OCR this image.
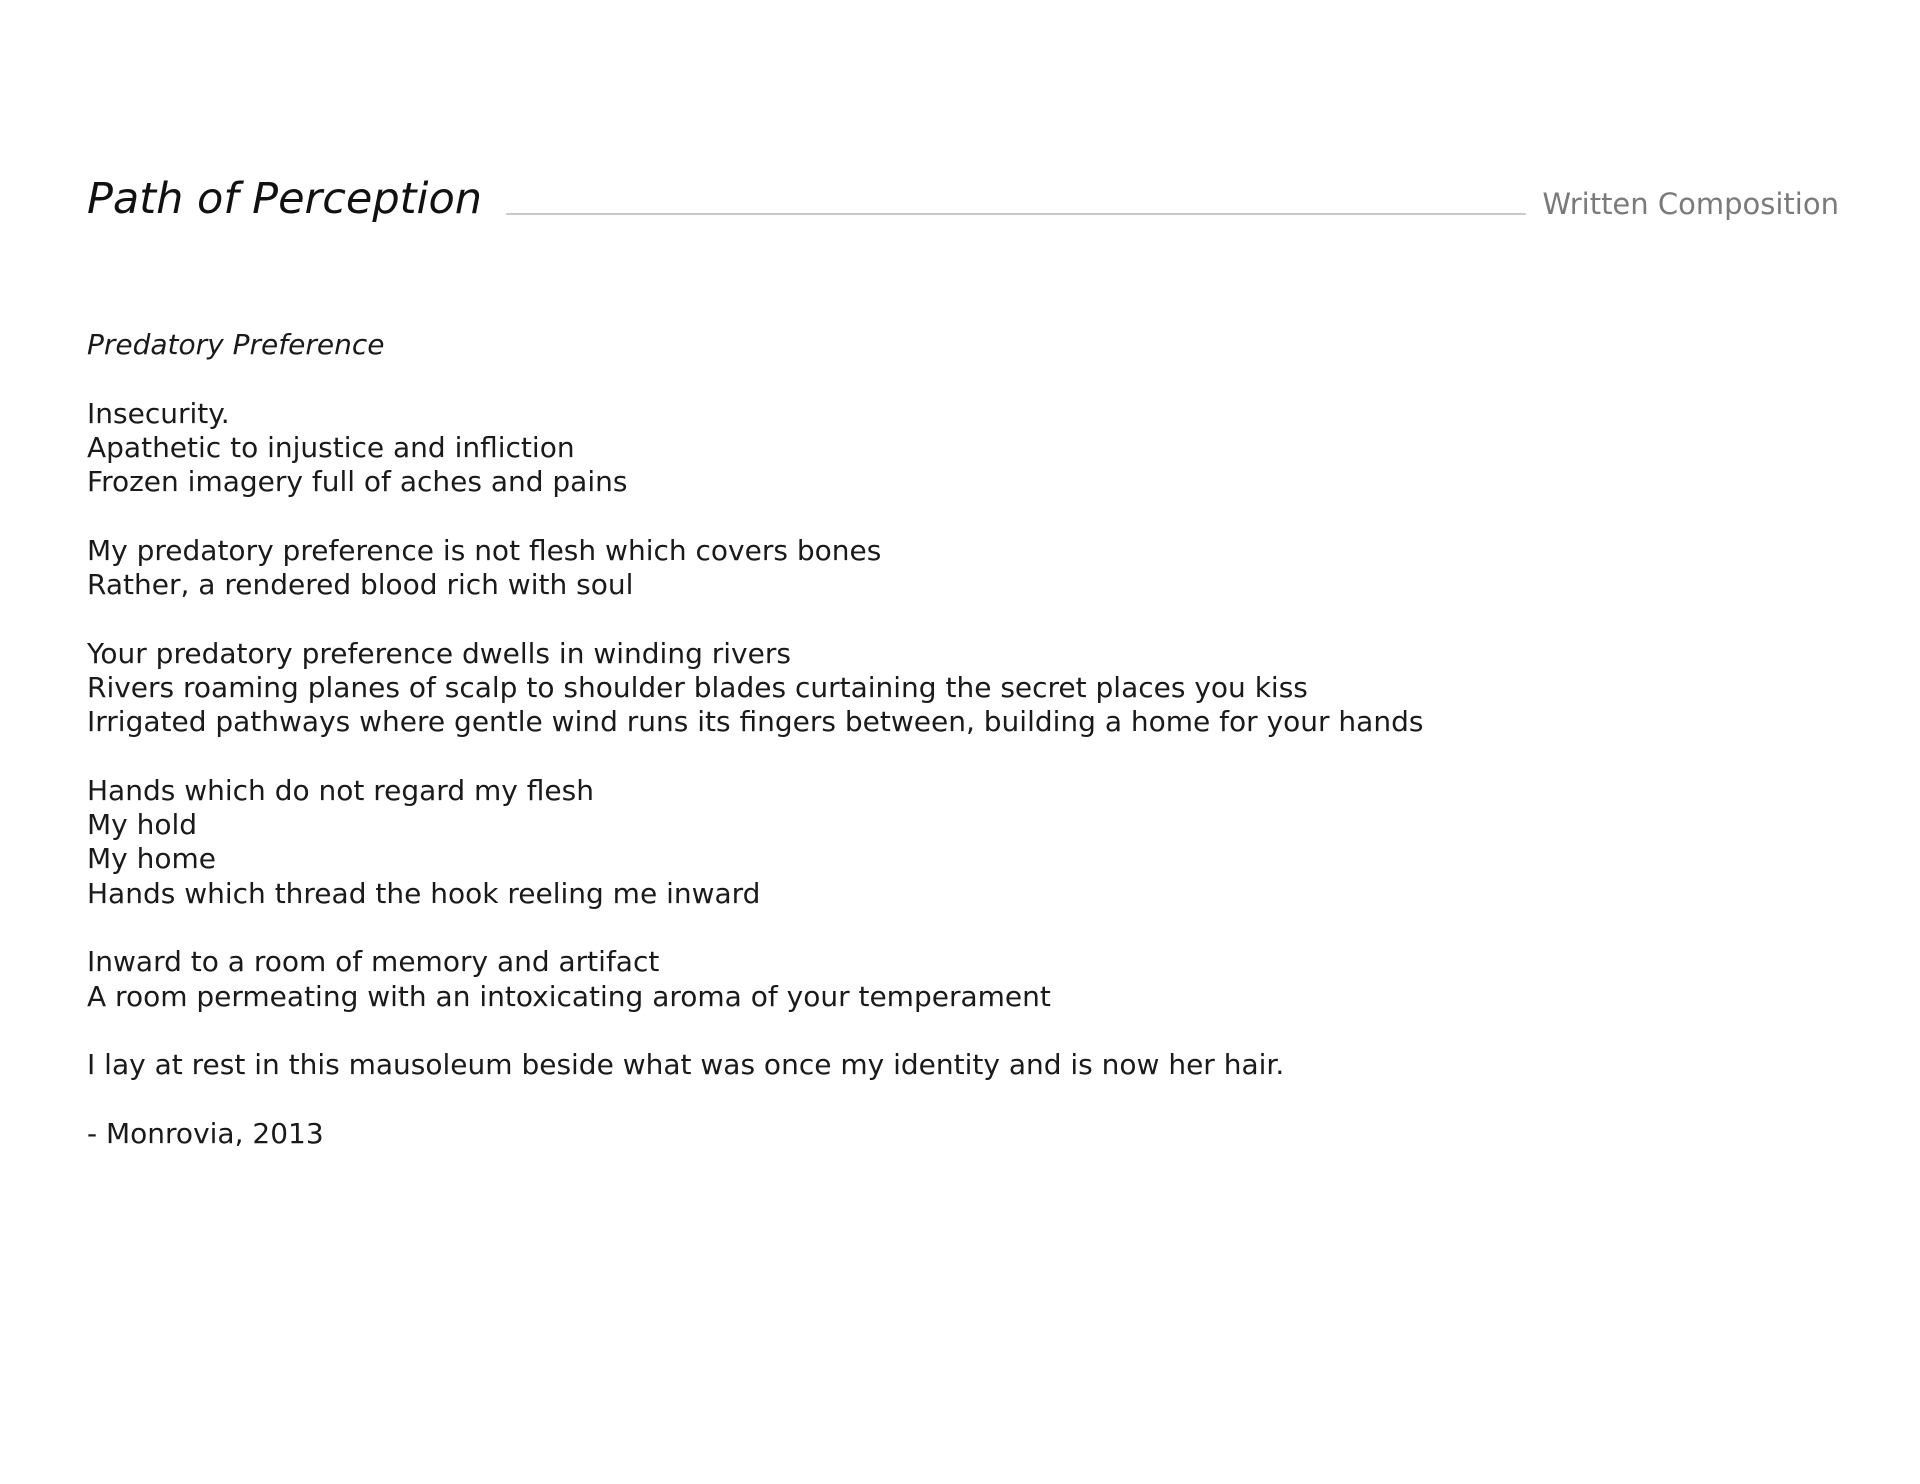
Path of Perception	Written Composition
Predatory Preference
Insecurity.
Apathetic to injustice and infliction
Frozen imagery full of aches and pains
My predatory preference is not flesh which covers bones
Rather, a rendered blood rich with soul
Your predatory preference dwells in winding rivers
Rivers roaming planes of scalp to shoulder blades curtaining the secret places you kiss
Irrigated pathways where gentle wind runs its fingers between, building a home for your hands
Hands which do not regard my flesh
My hold
My home
Hands which thread the hook reeling me inward
Inward to a room of memory and artifact
A room permeating with an intoxicating aroma of your temperament
I lay at rest in this mausoleum beside what was once my identity and is now her hair.
- Monrovia, 2013
